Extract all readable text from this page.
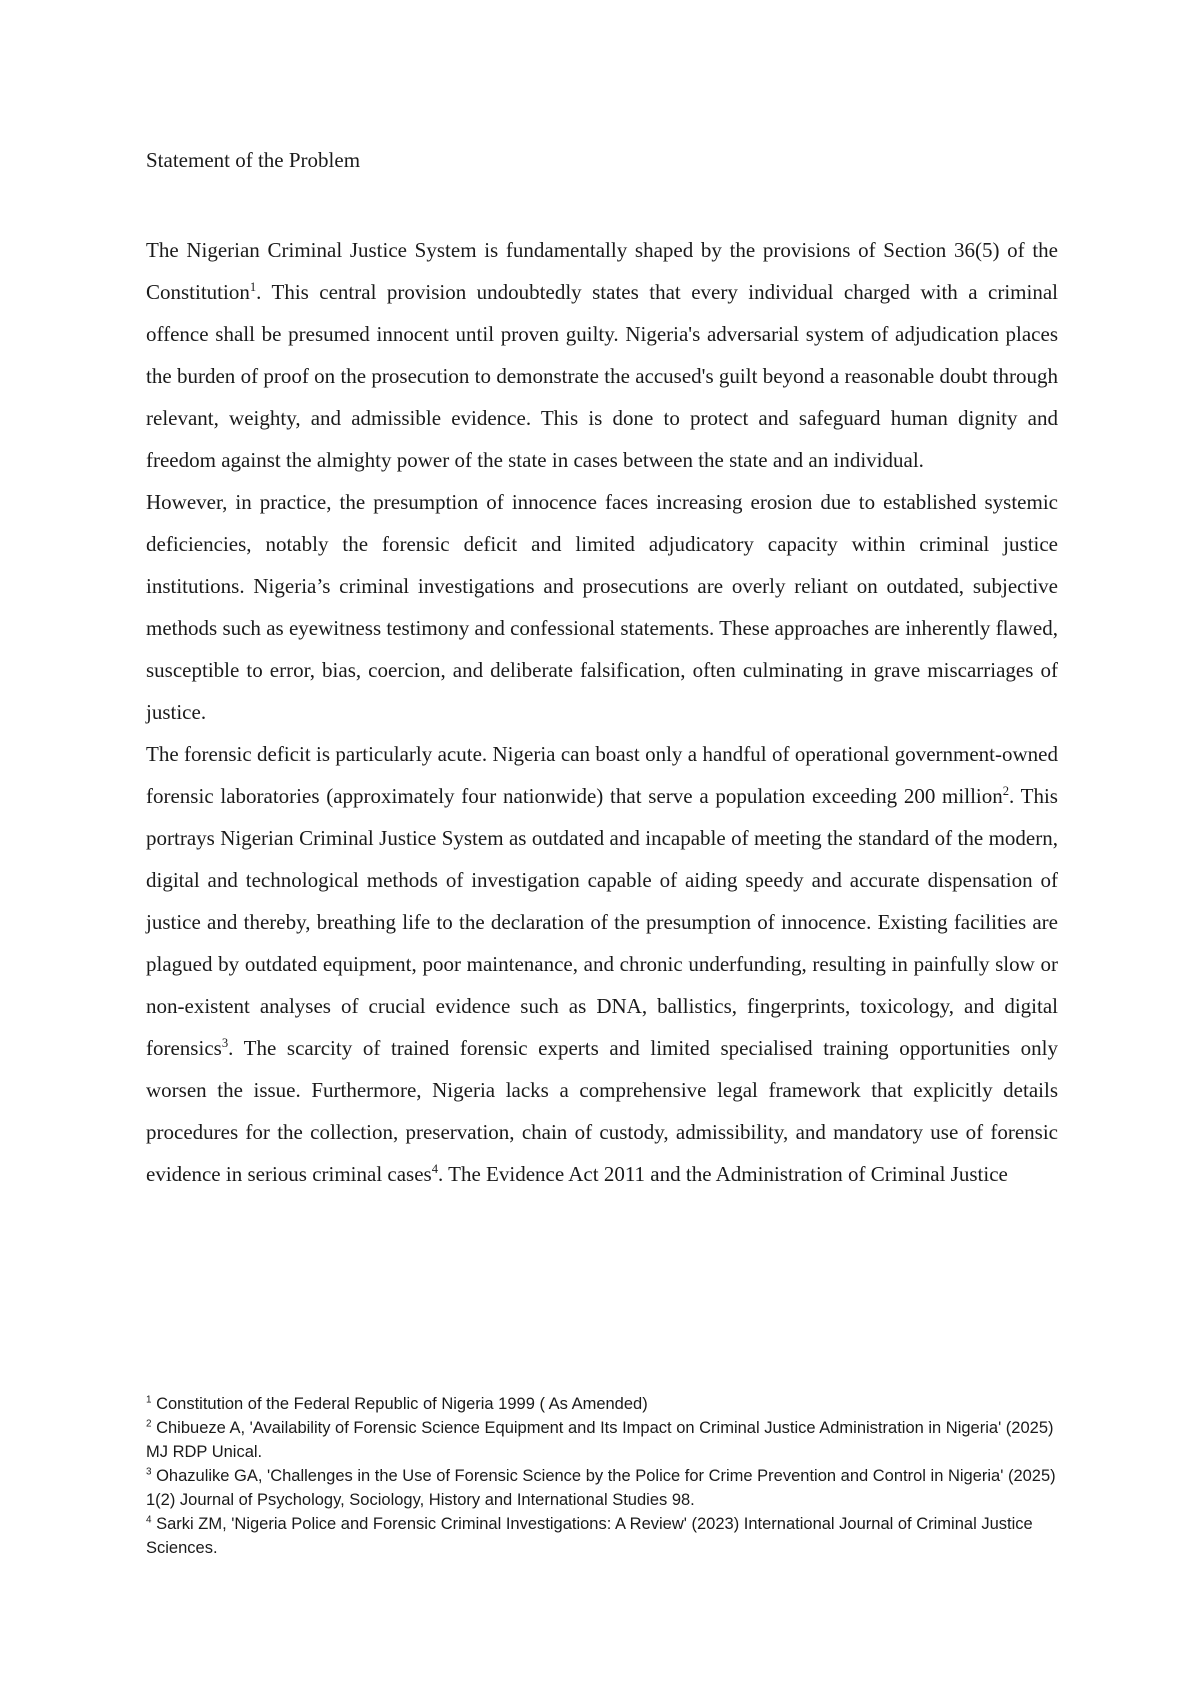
Statement of the Problem

The Nigerian Criminal Justice System is fundamentally shaped by the provisions of Section 36(5) of the Constitution$^1$. This central provision undoubtedly states that every individual charged with a criminal offence shall be presumed innocent until proven guilty. Nigeria's adversarial system of adjudication places the burden of proof on the prosecution to demonstrate the accused's guilt beyond a reasonable doubt through relevant, weighty, and admissible evidence. This is done to protect and safeguard human dignity and freedom against the almighty power of the state in cases between the state and an individual.

However, in practice, the presumption of innocence faces increasing erosion due to established systemic deficiencies, notably the forensic deficit and limited adjudicatory capacity within criminal justice institutions. Nigeria’s criminal investigations and prosecutions are overly reliant on outdated, subjective methods such as eyewitness testimony and confessional statements. These approaches are inherently flawed, susceptible to error, bias, coercion, and deliberate falsification, often culminating in grave miscarriages of justice.

The forensic deficit is particularly acute. Nigeria can boast only a handful of operational government-owned forensic laboratories (approximately four nationwide) that serve a population exceeding 200 million$^2$. This portrays Nigerian Criminal Justice System as outdated and incapable of meeting the standard of the modern, digital and technological methods of investigation capable of aiding speedy and accurate dispensation of justice and thereby, breathing life to the declaration of the presumption of innocence. Existing facilities are plagued by outdated equipment, poor maintenance, and chronic underfunding, resulting in painfully slow or non-existent analyses of crucial evidence such as DNA, ballistics, fingerprints, toxicology, and digital forensics$^3$. The scarcity of trained forensic experts and limited specialised training opportunities only worsen the issue. Furthermore, Nigeria lacks a comprehensive legal framework that explicitly details procedures for the collection, preservation, chain of custody, admissibility, and mandatory use of forensic evidence in serious criminal cases$^4$. The Evidence Act 2011 and the Administration of Criminal Justice

$^1$ Constitution of the Federal Republic of Nigeria 1999 ( As Amended)

$^2$ Chibueze A, 'Availability of Forensic Science Equipment and Its Impact on Criminal Justice Administration in Nigeria' (2025) MJ RDP Unical.

$^3$ Ohazulike GA, 'Challenges in the Use of Forensic Science by the Police for Crime Prevention and Control in Nigeria' (2025) 1(2) Journal of Psychology, Sociology, History and International Studies 98.

$^4$ Sarki ZM, 'Nigeria Police and Forensic Criminal Investigations: A Review' (2023) International Journal of Criminal Justice Sciences.
